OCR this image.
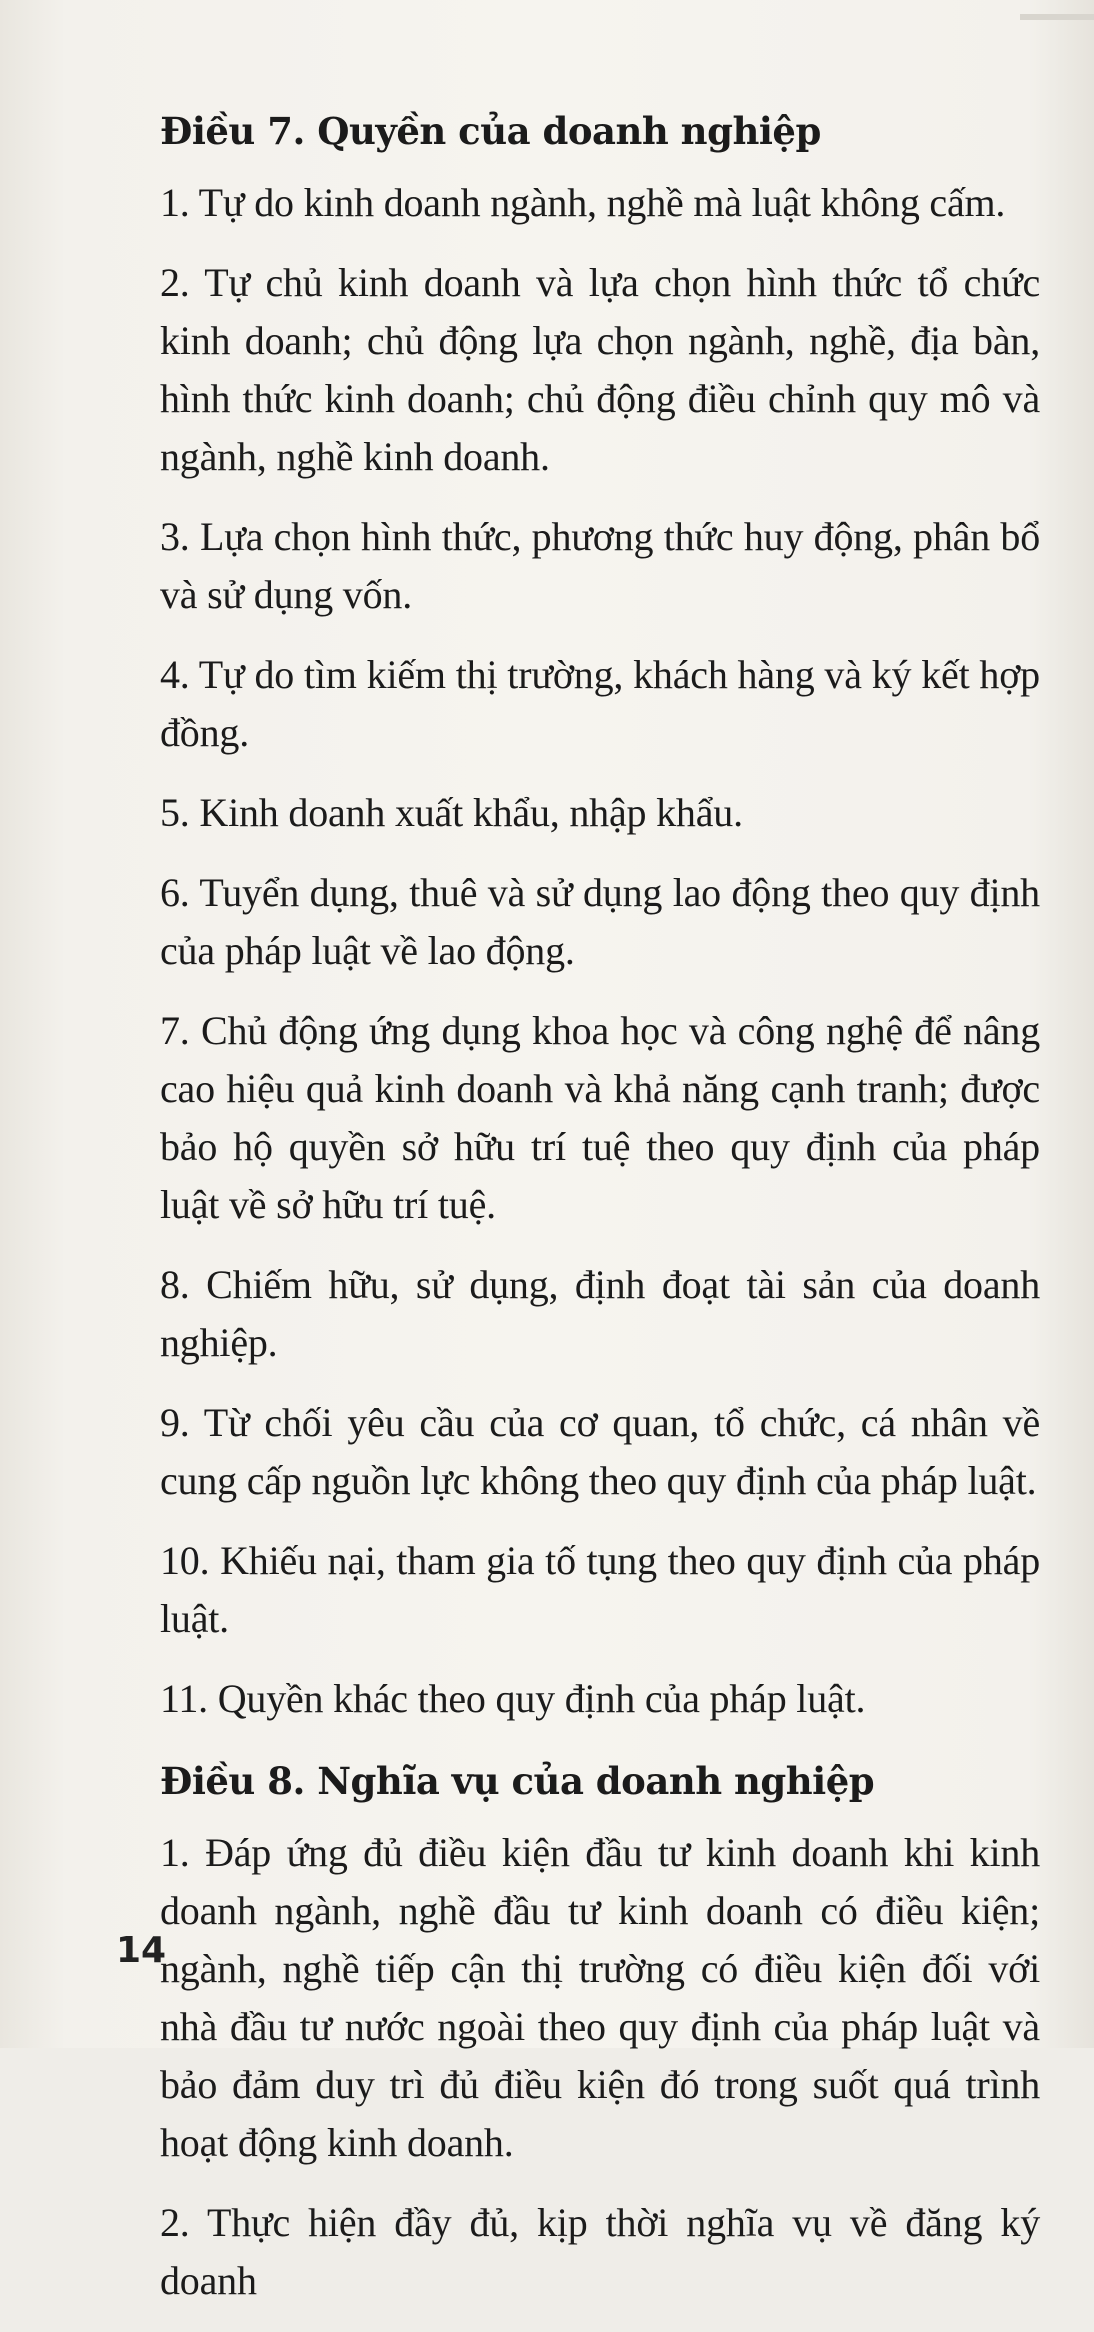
Điều 7. Quyền của doanh nghiệp

1. Tự do kinh doanh ngành, nghề mà luật không cấm.

2. Tự chủ kinh doanh và lựa chọn hình thức tổ chức kinh doanh; chủ động lựa chọn ngành, nghề, địa bàn, hình thức kinh doanh; chủ động điều chỉnh quy mô và ngành, nghề kinh doanh.

3. Lựa chọn hình thức, phương thức huy động, phân bổ và sử dụng vốn.

4. Tự do tìm kiếm thị trường, khách hàng và ký kết hợp đồng.

5. Kinh doanh xuất khẩu, nhập khẩu.

6. Tuyển dụng, thuê và sử dụng lao động theo quy định của pháp luật về lao động.

7. Chủ động ứng dụng khoa học và công nghệ để nâng cao hiệu quả kinh doanh và khả năng cạnh tranh; được bảo hộ quyền sở hữu trí tuệ theo quy định của pháp luật về sở hữu trí tuệ.

8. Chiếm hữu, sử dụng, định đoạt tài sản của doanh nghiệp.

9. Từ chối yêu cầu của cơ quan, tổ chức, cá nhân về cung cấp nguồn lực không theo quy định của pháp luật.

10. Khiếu nại, tham gia tố tụng theo quy định của pháp luật.

11. Quyền khác theo quy định của pháp luật.

Điều 8. Nghĩa vụ của doanh nghiệp

1. Đáp ứng đủ điều kiện đầu tư kinh doanh khi kinh doanh ngành, nghề đầu tư kinh doanh có điều kiện; ngành, nghề tiếp cận thị trường có điều kiện đối với nhà đầu tư nước ngoài theo quy định của pháp luật và bảo đảm duy trì đủ điều kiện đó trong suốt quá trình hoạt động kinh doanh.

2. Thực hiện đầy đủ, kịp thời nghĩa vụ về đăng ký doanh

14
